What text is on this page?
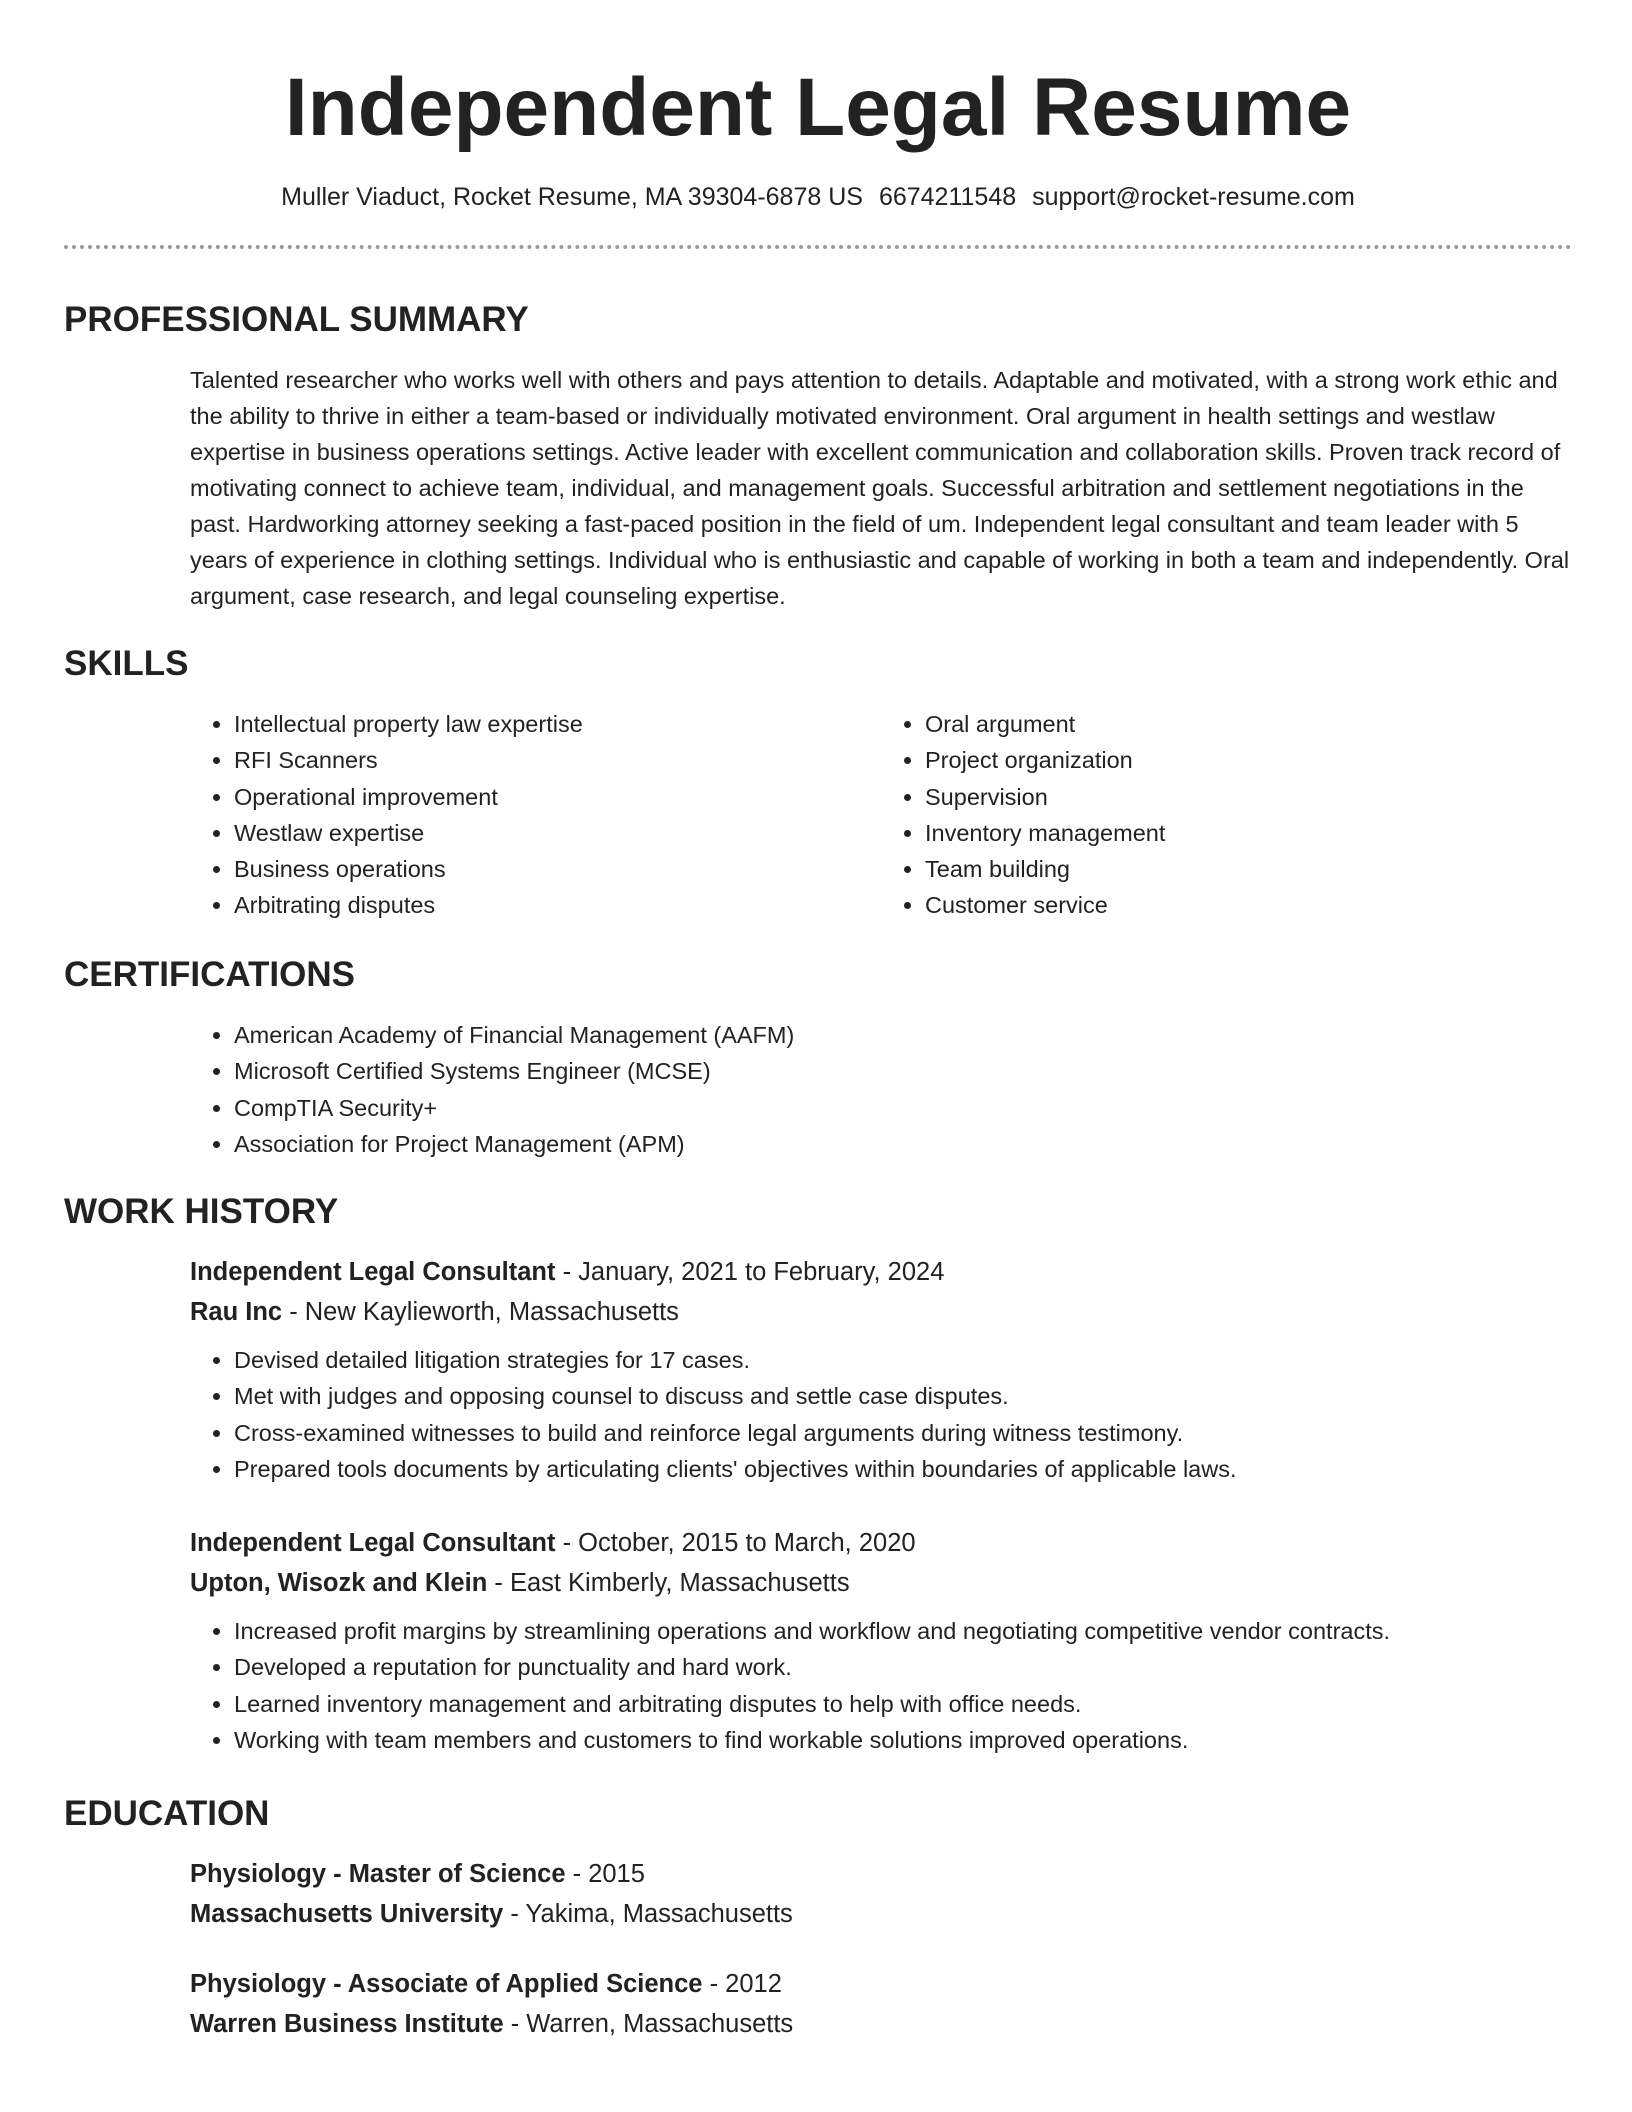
Independent Legal Resume
Muller Viaduct, Rocket Resume, MA 39304-6878 US 6674211548 support@rocket-resume.com
PROFESSIONAL SUMMARY
Talented researcher who works well with others and pays attention to details. Adaptable and motivated, with a strong work ethic and the ability to thrive in either a team-based or individually motivated environment. Oral argument in health settings and westlaw expertise in business operations settings. Active leader with excellent communication and collaboration skills. Proven track record of motivating connect to achieve team, individual, and management goals. Successful arbitration and settlement negotiations in the past. Hardworking attorney seeking a fast-paced position in the field of um. Independent legal consultant and team leader with 5 years of experience in clothing settings. Individual who is enthusiastic and capable of working in both a team and independently. Oral argument, case research, and legal counseling expertise.
SKILLS
• Intellectual property law expertise
• RFI Scanners
• Operational improvement
• Westlaw expertise
• Business operations
• Arbitrating disputes
• Oral argument
• Project organization
• Supervision
• Inventory management
• Team building
• Customer service
CERTIFICATIONS
• American Academy of Financial Management (AAFM)
• Microsoft Certified Systems Engineer (MCSE)
• CompTIA Security+
• Association for Project Management (APM)
WORK HISTORY
Independent Legal Consultant - January, 2021 to February, 2024
Rau Inc - New Kaylieworth, Massachusetts
• Devised detailed litigation strategies for 17 cases.
• Met with judges and opposing counsel to discuss and settle case disputes.
• Cross-examined witnesses to build and reinforce legal arguments during witness testimony.
• Prepared tools documents by articulating clients' objectives within boundaries of applicable laws.
Independent Legal Consultant - October, 2015 to March, 2020
Upton, Wisozk and Klein - East Kimberly, Massachusetts
• Increased profit margins by streamlining operations and workflow and negotiating competitive vendor contracts.
• Developed a reputation for punctuality and hard work.
• Learned inventory management and arbitrating disputes to help with office needs.
• Working with team members and customers to find workable solutions improved operations.
EDUCATION
Physiology - Master of Science - 2015
Massachusetts University - Yakima, Massachusetts
Physiology - Associate of Applied Science - 2012
Warren Business Institute - Warren, Massachusetts
